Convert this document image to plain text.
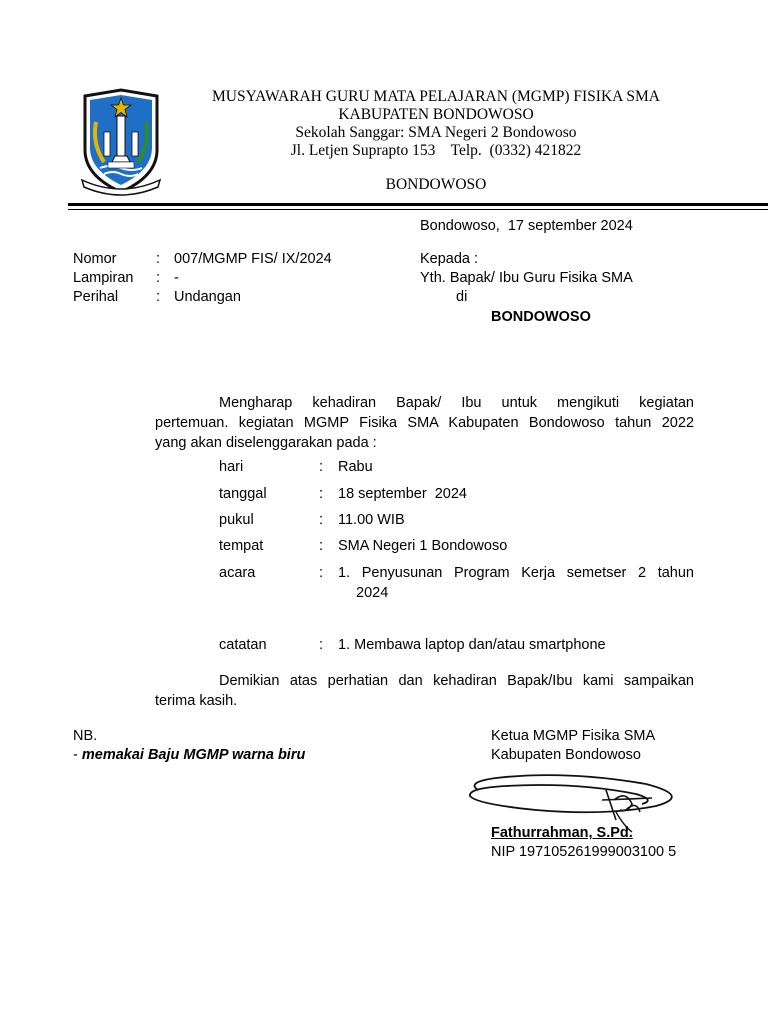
MUSYAWARAH GURU MATA PELAJARAN (MGMP) FISIKA SMA
KABUPATEN BONDOWOSO
Sekolah Sanggar: SMA Negeri 2 Bondowoso
Jl. Letjen Suprapto 153    Telp.  (0332) 421822
BONDOWOSO
Bondowoso,  17 september 2024
Nomor	: 007/MGMP FIS/ IX/2024
Lampiran : -
Perihal	: Undangan
Kepada :
Yth. Bapak/ Ibu Guru Fisika SMA
di
BONDOWOSO
Mengharap kehadiran Bapak/ Ibu untuk mengikuti kegiatan
pertemuan. kegiatan MGMP Fisika SMA Kabupaten Bondowoso tahun 2022
yang akan diselenggarakan pada :
hari	: Rabu
tanggal	: 18 september  2024
pukul	: 11.00 WIB
tempat	: SMA Negeri 1 Bondowoso
acara	: 1. Penyusunan Program Kerja semetser 2 tahun
2024
catatan	: 1. Membawa laptop dan/atau smartphone
Demikian atas perhatian dan kehadiran Bapak/Ibu kami sampaikan
terima kasih.
NB.
- memakai Baju MGMP warna biru
Ketua MGMP Fisika SMA
Kabupaten Bondowoso
Fathurrahman, S.Pd.
NIP 197105261999003100 5
